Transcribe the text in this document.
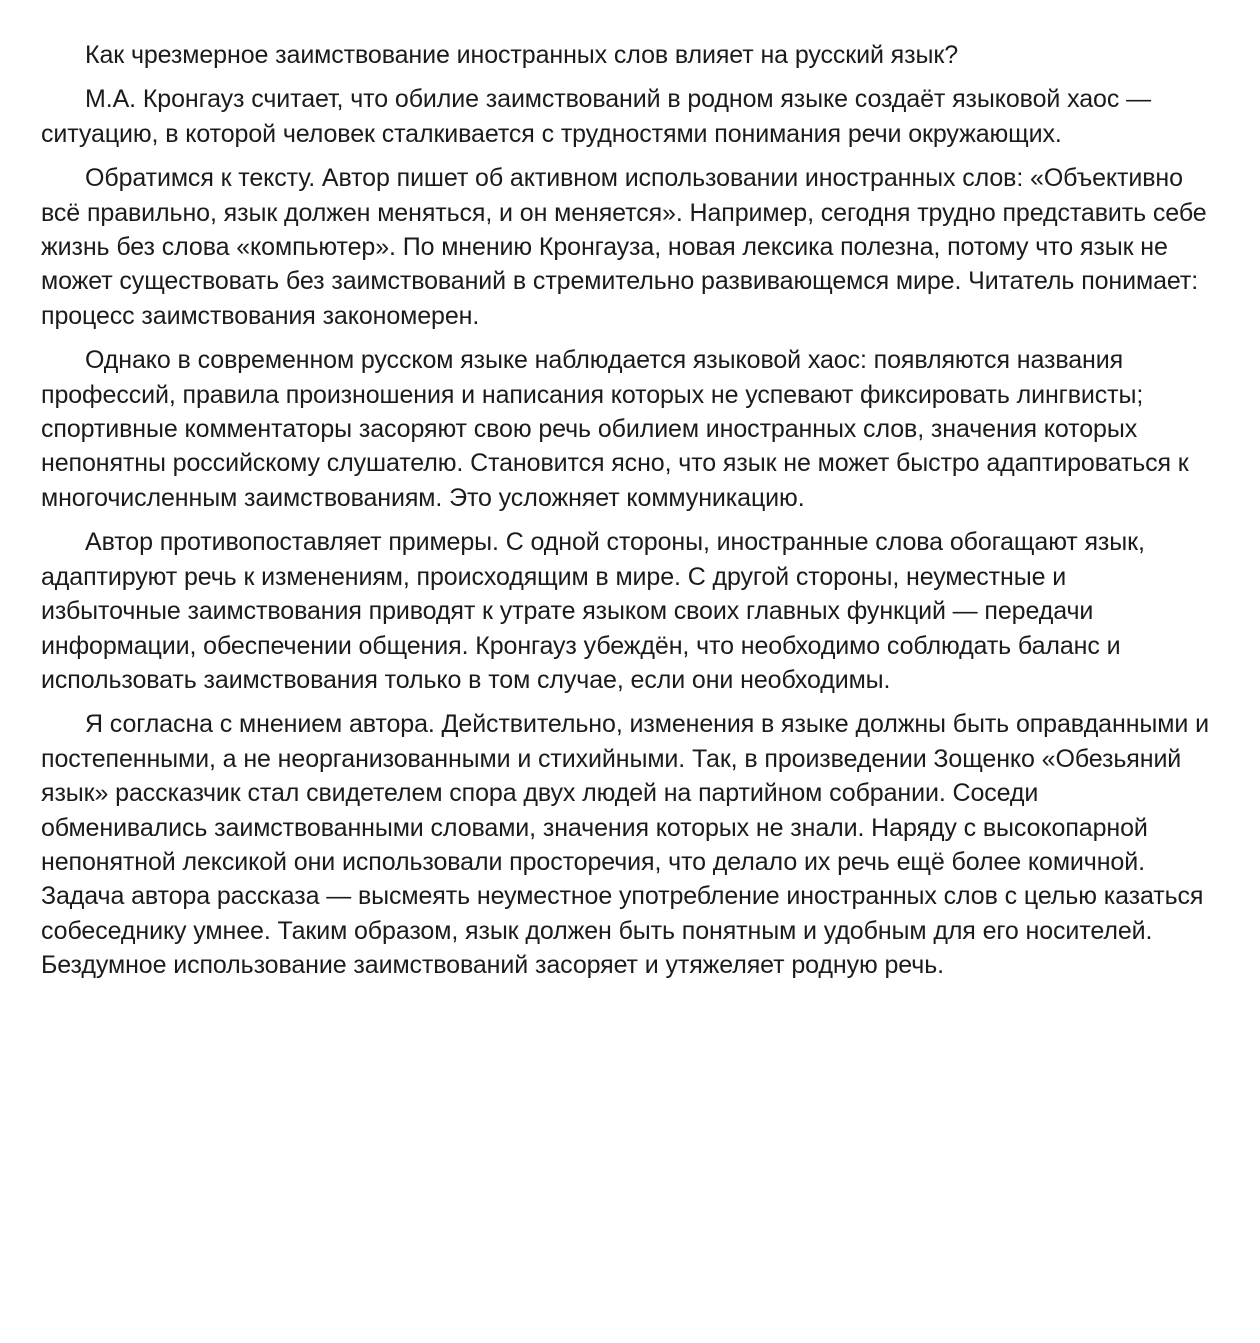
Как чрезмерное заимствование иностранных слов влияет на русский язык?

М.А. Кронгауз считает, что обилие заимствований в родном языке создаёт языковой хаос — ситуацию, в которой человек сталкивается с трудностями понимания речи окружающих.

Обратимся к тексту. Автор пишет об активном использовании иностранных слов: «Объективно всё правильно, язык должен меняться, и он меняется». Например, сегодня трудно представить себе жизнь без слова «компьютер». По мнению Кронгауза, новая лексика полезна, потому что язык не может существовать без заимствований в стремительно развивающемся мире. Читатель понимает: процесс заимствования закономерен.

Однако в современном русском языке наблюдается языковой хаос: появляются названия профессий, правила произношения и написания которых не успевают фиксировать лингвисты; спортивные комментаторы засоряют свою речь обилием иностранных слов, значения которых непонятны российскому слушателю. Становится ясно, что язык не может быстро адаптироваться к многочисленным заимствованиям. Это усложняет коммуникацию.

Автор противопоставляет примеры. С одной стороны, иностранные слова обогащают язык, адаптируют речь к изменениям, происходящим в мире. С другой стороны, неуместные и избыточные заимствования приводят к утрате языком своих главных функций — передачи информации, обеспечении общения. Кронгауз убеждён, что необходимо соблюдать баланс и использовать заимствования только в том случае, если они необходимы.

Я согласна с мнением автора. Действительно, изменения в языке должны быть оправданными и постепенными, а не неорганизованными и стихийными. Так, в произведении Зощенко «Обезьяний язык» рассказчик стал свидетелем спора двух людей на партийном собрании. Соседи обменивались заимствованными словами, значения которых не знали. Наряду с высокопарной непонятной лексикой они использовали просторечия, что делало их речь ещё более комичной. Задача автора рассказа — высмеять неуместное употребление иностранных слов с целью казаться собеседнику умнее. Таким образом, язык должен быть понятным и удобным для его носителей. Бездумное использование заимствований засоряет и утяжеляет родную речь.
